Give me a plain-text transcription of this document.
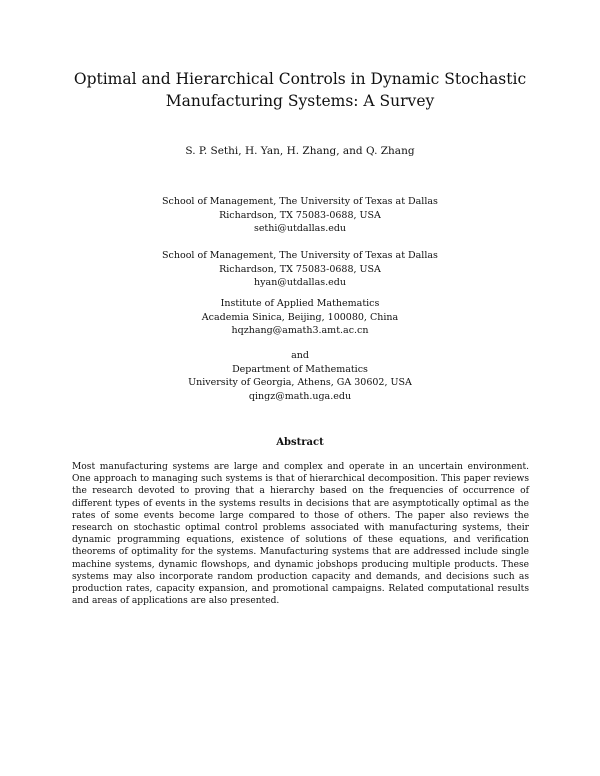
Optimal and Hierarchical Controls in Dynamic Stochastic
Manufacturing Systems: A Survey
S. P. Sethi, H. Yan, H. Zhang, and Q. Zhang
School of Management, The University of Texas at Dallas
Richardson, TX 75083-0688, USA
sethi@utdallas.edu
School of Management, The University of Texas at Dallas
Richardson, TX 75083-0688, USA
hyan@utdallas.edu
Institute of Applied Mathematics
Academia Sinica, Beijing, 100080, China
hqzhang@amath3.amt.ac.cn
and
Department of Mathematics
University of Georgia, Athens, GA 30602, USA
qingz@math.uga.edu
Abstract

Most manufacturing systems are large and complex and operate in an uncertain environment. One approach to managing such systems is that of hierarchical decomposition. This paper reviews the research devoted to proving that a hierarchy based on the frequencies of occurrence of different types of events in the systems results in decisions that are asymptotically optimal as the rates of some events become large compared to those of others. The paper also reviews the research on stochastic optimal control problems associated with manufacturing systems, their dynamic programming equations, existence of solutions of these equations, and verification theorems of optimality for the systems. Manufacturing systems that are addressed include single machine systems, dynamic flowshops, and dynamic jobshops producing multiple products. These systems may also incorporate random production capacity and demands, and decisions such as production rates, capacity expansion, and promotional campaigns. Related computational results and areas of applications are also presented.
